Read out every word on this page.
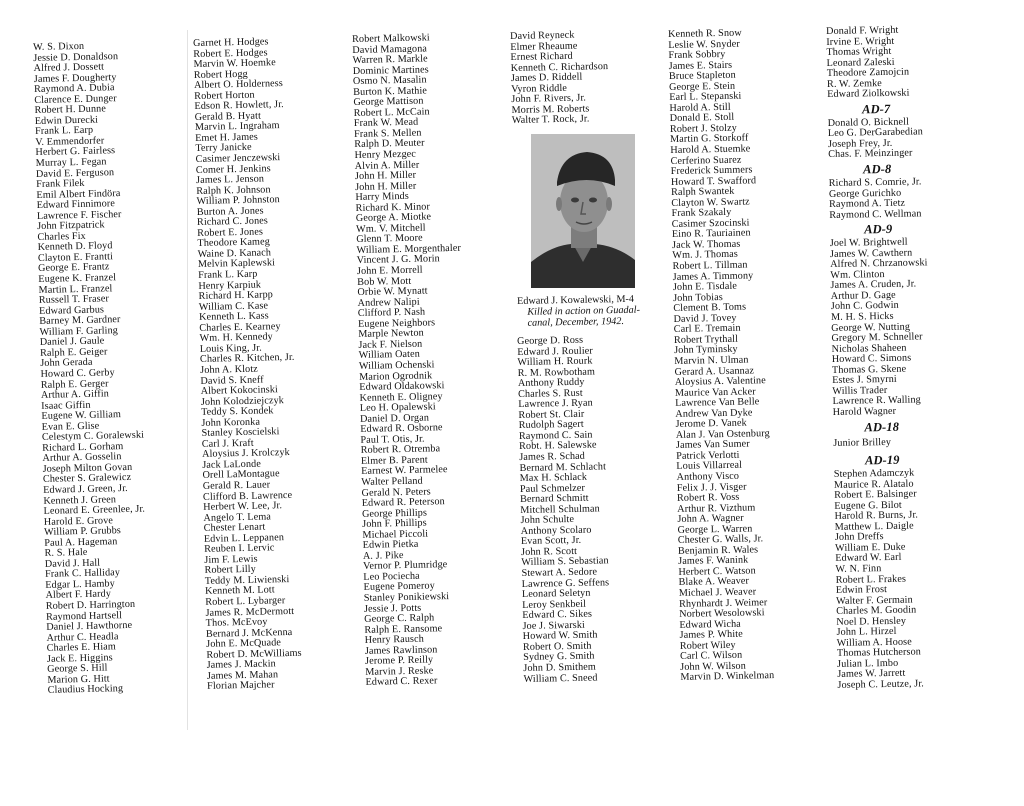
W. S. Dixon
Jessie D. Donaldson
Alfred J. Dossett
James F. Dougherty
Raymond A. Dubia
Clarence E. Dunger
Robert H. Dunne
Edwin Durecki
Frank L. Earp
V. Emmendorfer
Herbert G. Fairless
Murray L. Fegan
David E. Ferguson
Frank Filek
Emil Albert Findöra
Edward Finnimore
Lawrence F. Fischer
John Fitzpatrick
Charles Fix
Kenneth D. Floyd
Clayton E. Frantti
George E. Frantz
Eugene K. Franzel
Martin L. Franzel
Russell T. Fraser
Edward Garbus
Barney M. Gardner
William F. Garling
Daniel J. Gaule
Ralph E. Geiger
John Gerada
Howard C. Gerby
Ralph E. Gerger
Arthur A. Giffin
Isaac Giffin
Eugene W. Gilliam
Evan E. Glise
Celestym C. Goralewski
Richard L. Gorham
Arthur A. Gosselin
Joseph Milton Govan
Chester S. Gralewicz
Edward J. Green, Jr.
Kenneth J. Green
Leonard E. Greenlee, Jr.
Harold E. Grove
William P. Grubbs
Paul A. Hageman
R. S. Hale
David J. Hall
Frank C. Halliday
Edgar L. Hamby
Albert F. Hardy
Robert D. Harrington
Raymond Hartsell
Daniel J. Hawthorne
Arthur C. Headla
Charles E. Hiam
Jack E. Higgins
George S. Hill
Marion G. Hitt
Claudius Hocking
Garnet H. Hodges
Robert E. Hodges
Marvin W. Hoemke
Robert Hogg
Albert O. Holderness
Robert Horton
Edson R. Howlett, Jr.
Gerald B. Hyatt
Marvin L. Ingraham
Emet H. James
Terry Janicke
Casimer Jenczewski
Comer H. Jenkins
James L. Jenson
Ralph K. Johnson
William P. Johnston
Burton A. Jones
Richard C. Jones
Robert E. Jones
Theodore Kameg
Waine D. Kanach
Melvin Kaplewski
Frank L. Karp
Henry Karpiuk
Richard H. Karpp
William C. Kase
Kenneth L. Kass
Charles E. Kearney
Wm. H. Kennedy
Louis King, Jr.
Charles R. Kitchen, Jr.
John A. Klotz
David S. Kneff
Albert Kokocinski
John Kolodziejczyk
Teddy S. Kondek
John Koronka
Stanley Koscielski
Carl J. Kraft
Aloysius J. Krolczyk
Jack LaLonde
Orell LaMontague
Gerald R. Lauer
Clifford B. Lawrence
Herbert W. Lee, Jr.
Angelo T. Lema
Chester Lenart
Edvin L. Leppanen
Reuben I. Lervic
Jim F. Lewis
Robert Lilly
Teddy M. Liwienski
Kenneth M. Lott
Robert L. Lybarger
James R. McDermott
Thos. McEvoy
Bernard J. McKenna
John E. McQuade
Robert D. McWilliams
James J. Mackin
James M. Mahan
Florian Majcher
Robert Malkowski
David Mamagona
Warren R. Markle
Dominic Martines
Osmo N. Masalin
Burton K. Mathie
George Mattison
Robert L. McCain
Frank W. Mead
Frank S. Mellen
Ralph D. Meuter
Henry Mezgec
Alvin A. Miller
John H. Miller
John H. Miller
Harry Minds
Richard K. Minor
George A. Miotke
Wm. V. Mitchell
Glenn T. Moore
William E. Morgenthaler
Vincent J. G. Morin
John E. Morrell
Bob W. Mott
Orbie W. Mynatt
Andrew Nalipi
Clifford P. Nash
Eugene Neighbors
Marple Newton
Jack F. Nielson
William Oaten
William Ochenski
Marion Ogrodnik
Edward Oldakowski
Kenneth E. Oligney
Leo H. Opalewski
Daniel D. Organ
Edward R. Osborne
Paul T. Otis, Jr.
Robert R. Otremba
Elmer B. Parent
Earnest W. Parmelee
Walter Pelland
Gerald N. Peters
Edward R. Peterson
George Phillips
John F. Phillips
Michael Piccoli
Edwin Pietka
A. J. Pike
Vernor P. Plumridge
Leo Pociecha
Eugene Pomeroy
Stanley Ponikiewski
Jessie J. Potts
George C. Ralph
Ralph E. Ransome
Henry Rausch
James Rawlinson
Jerome P. Reilly
Marvin J. Reske
Edward C. Rexer
David Reyneck
Elmer Rheaume
Ernest Richard
Kenneth C. Richardson
James D. Riddell
Vyron Riddle
John F. Rivers, Jr.
Morris M. Roberts
Walter T. Rock, Jr.
Edward J. Kowalewski, M-4
Killed in action on Guadal-
canal, December, 1942.
George D. Ross
Edward J. Roulier
William H. Rourk
R. M. Rowbotham
Anthony Ruddy
Charles S. Rust
Lawrence J. Ryan
Robert St. Clair
Rudolph Sagert
Raymond C. Sain
Robt. H. Salewske
James R. Schad
Bernard M. Schlacht
Max H. Schlack
Paul Schmelzer
Bernard Schmitt
Mitchell Schulman
John Schulte
Anthony Scolaro
Evan Scott, Jr.
John R. Scott
William S. Sebastian
Stewart A. Sedore
Lawrence G. Seffens
Leonard Seletyn
Leroy Senkbeil
Edward C. Sikes
Joe J. Siwarski
Howard W. Smith
Robert O. Smith
Sydney G. Smith
John D. Smithem
William C. Sneed
Kenneth R. Snow
Leslie W. Snyder
Frank Sobbry
James E. Stairs
Bruce Stapleton
George E. Stein
Earl L. Stepanski
Harold A. Still
Donald E. Stoll
Robert J. Stolzy
Martin G. Storkoff
Harold A. Stuemke
Cerferino Suarez
Frederick Summers
Howard T. Swafford
Ralph Swantek
Clayton W. Swartz
Frank Szakaly
Casimer Szocinski
Eino R. Tauriainen
Jack W. Thomas
Wm. J. Thomas
Robert L. Tillman
James A. Timmony
John E. Tisdale
John Tobias
Clement B. Toms
David J. Tovey
Carl E. Tremain
Robert Trythall
John Tyminsky
Marvin N. Ulman
Gerard A. Usannaz
Aloysius A. Valentine
Maurice Van Acker
Lawrence Van Belle
Andrew Van Dyke
Jerome D. Vanek
Alan J. Van Ostenburg
James Van Sumer
Patrick Verlotti
Louis Villarreal
Anthony Visco
Felix J. J. Visger
Robert R. Voss
Arthur R. Vizthum
John A. Wagner
George L. Warren
Chester G. Walls, Jr.
Benjamin R. Wales
James F. Wanink
Herbert C. Watson
Blake A. Weaver
Michael J. Weaver
Rhynhardt J. Weimer
Norbert Wesolowski
Edward Wicha
James P. White
Robert Wiley
Carl C. Wilson
John W. Wilson
Marvin D. Winkelman
Donald F. Wright
Irvine E. Wright
Thomas Wright
Leonard Zaleski
Theodore Zamojcin
R. W. Zemke
Edward Ziolkowski
AD-7
Donald O. Bicknell
Leo G. DerGarabedian
Joseph Frey, Jr.
Chas. F. Meinzinger
AD-8
Richard S. Comrie, Jr.
George Gurichko
Raymond A. Tietz
Raymond C. Wellman
AD-9
Joel W. Brightwell
James W. Cawthern
Alfred N. Chrzanowski
Wm. Clinton
James A. Cruden, Jr.
Arthur D. Gage
John C. Godwin
M. H. S. Hicks
George W. Nutting
Gregory M. Schneller
Nicholas Shaheen
Howard C. Simons
Thomas G. Skene
Estes J. Smyrni
Willis Trader
Lawrence R. Walling
Harold Wagner
AD-18
Junior Brilley
AD-19
Stephen Adamczyk
Maurice R. Alatalo
Robert E. Balsinger
Eugene G. Bilot
Harold R. Burns, Jr.
Matthew L. Daigle
John Dreffs
William E. Duke
Edward W. Earl
W. N. Finn
Robert L. Frakes
Edwin Frost
Walter F. Germain
Charles M. Goodin
Noel D. Hensley
John L. Hirzel
William A. Hoose
Thomas Hutcherson
Julian L. Imbo
James W. Jarrett
Joseph C. Leutze, Jr.
